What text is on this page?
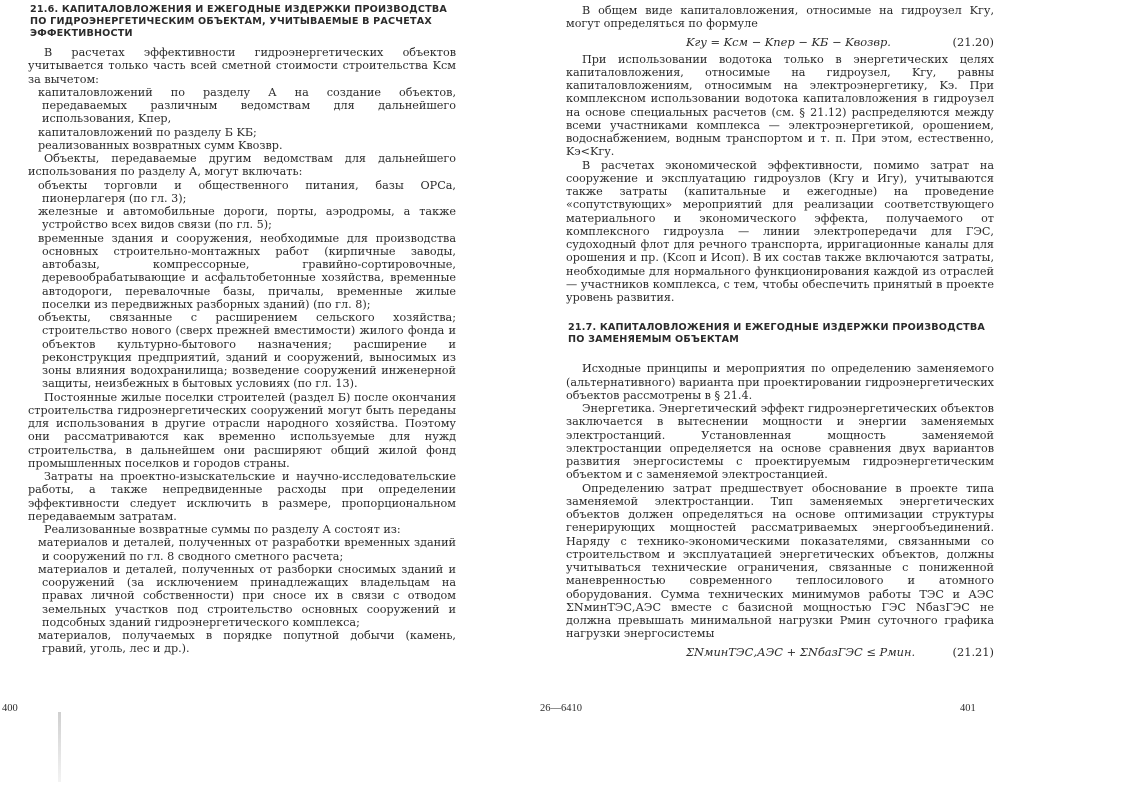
21.6. КАПИТАЛОВЛОЖЕНИЯ И ЕЖЕГОДНЫЕ ИЗДЕРЖКИ ПРОИЗВОДСТВА ПО ГИДРОЭНЕРГЕТИЧЕСКИМ ОБЪЕКТАМ, УЧИТЫВАЕМЫЕ В РАСЧЕТАХ ЭФФЕКТИВНОСТИ

В расчетах эффективности гидроэнергетических объектов учитывается только часть всей сметной стоимости строительства Kсм за вычетом:

капиталовложений по разделу А на создание объектов, передаваемых различным ведомствам для дальнейшего использования, Kпер,

капиталовложений по разделу Б KБ;

реализованных возвратных сумм Kвозвр.

Объекты, передаваемые другим ведомствам для дальнейшего использования по разделу А, могут включать:

объекты торговли и общественного питания, базы ОРСа, пионерлагеря (по гл. 3);

железные и автомобильные дороги, порты, аэродромы, а также устройство всех видов связи (по гл. 5);

временные здания и сооружения, необходимые для производства основных строительно-монтажных работ (кирпичные заводы, автобазы, компрессорные, гравийно-сортировочные, деревообрабатывающие и асфальтобетонные хозяйства, временные автодороги, перевалочные базы, причалы, временные жилые поселки из передвижных разборных зданий) (по гл. 8);

объекты, связанные с расширением сельского хозяйства; строительство нового (сверх прежней вместимости) жилого фонда и объектов культурно-бытового назначения; расширение и реконструкция предприятий, зданий и сооружений, выносимых из зоны влияния водохранилища; возведение сооружений инженерной защиты, неизбежных в бытовых условиях (по гл. 13).

Постоянные жилые поселки строителей (раздел Б) после окончания строительства гидроэнергетических сооружений могут быть переданы для использования в другие отрасли народного хозяйства. Поэтому они рассматриваются как временно используемые для нужд строительства, в дальнейшем они расширяют общий жилой фонд промышленных поселков и городов страны.

Затраты на проектно-изыскательские и научно-исследовательские работы, а также непредвиденные расходы при определении эффективности следует исключить в размере, пропорциональном передаваемым затратам.

Реализованные возвратные суммы по разделу А состоят из:

материалов и деталей, полученных от разработки временных зданий и сооружений по гл. 8 сводного сметного расчета;

материалов и деталей, полученных от разборки сносимых зданий и сооружений (за исключением принадлежащих владельцам на правах личной собственности) при сносе их в связи с отводом земельных участков под строительство основных сооружений и подсобных зданий гидроэнергетического комплекса;

материалов, получаемых в порядке попутной добычи (камень, гравий, уголь, лес и др.).

400

В общем виде капиталовложения, относимые на гидроузел Kгу, могут определяться по формуле

Kгу = Kсм − Kпер − KБ − Kвозвр.	(21.20)

При использовании водотока только в энергетических целях капиталовложения, относимые на гидроузел, Kгу, равны капиталовложениям, относимым на электроэнергетику, Kэ. При комплексном использовании водотока капиталовложения в гидроузел на основе специальных расчетов (см. § 21.12) распределяются между всеми участниками комплекса — электроэнергетикой, орошением, водоснабжением, водным транспортом и т. п. При этом, естественно, Kэ<Kгу.

В расчетах экономической эффективности, помимо затрат на сооружение и эксплуатацию гидроузлов (Kгу и Игу), учитываются также затраты (капитальные и ежегодные) на проведение «сопутствующих» мероприятий для реализации соответствующего материального и экономического эффекта, получаемого от комплексного гидроузла — линии электропередачи для ГЭС, судоходный флот для речного транспорта, ирригационные каналы для орошения и пр. (Kсоп и Исоп). В их состав также включаются затраты, необходимые для нормального функционирования каждой из отраслей — участников комплекса, с тем, чтобы обеспечить принятый в проекте уровень развития.

21.7. КАПИТАЛОВЛОЖЕНИЯ И ЕЖЕГОДНЫЕ ИЗДЕРЖКИ ПРОИЗВОДСТВА ПО ЗАМЕНЯЕМЫМ ОБЪЕКТАМ

Исходные принципы и мероприятия по определению заменяемого (альтернативного) варианта при проектировании гидроэнергетических объектов рассмотрены в § 21.4.

Энергетика. Энергетический эффект гидроэнергетических объектов заключается в вытеснении мощности и энергии заменяемых электростанций. Установленная мощность заменяемой электростанции определяется на основе сравнения двух вариантов развития энергосистемы с проектируемым гидроэнергетическим объектом и с заменяемой электростанцией.

Определению затрат предшествует обоснование в проекте типа заменяемой электростанции. Тип заменяемых энергетических объектов должен определяться на основе оптимизации структуры генерирующих мощностей рассматриваемых энергообъединений. Наряду с технико-экономическими показателями, связанными со строительством и эксплуатацией энергетических объектов, должны учитываться технические ограничения, связанные с пониженной маневренностью современного теплосилового и атомного оборудования. Сумма технических минимумов работы ТЭС и АЭС ΣNминТЭС,АЭС вместе с базисной мощностью ГЭС NбазГЭС не должна превышать минимальной нагрузки Pмин суточного графика нагрузки энергосистемы

ΣNминТЭС,АЭС + ΣNбазГЭС ≤ Pмин.	(21.21)
26—6410	401
